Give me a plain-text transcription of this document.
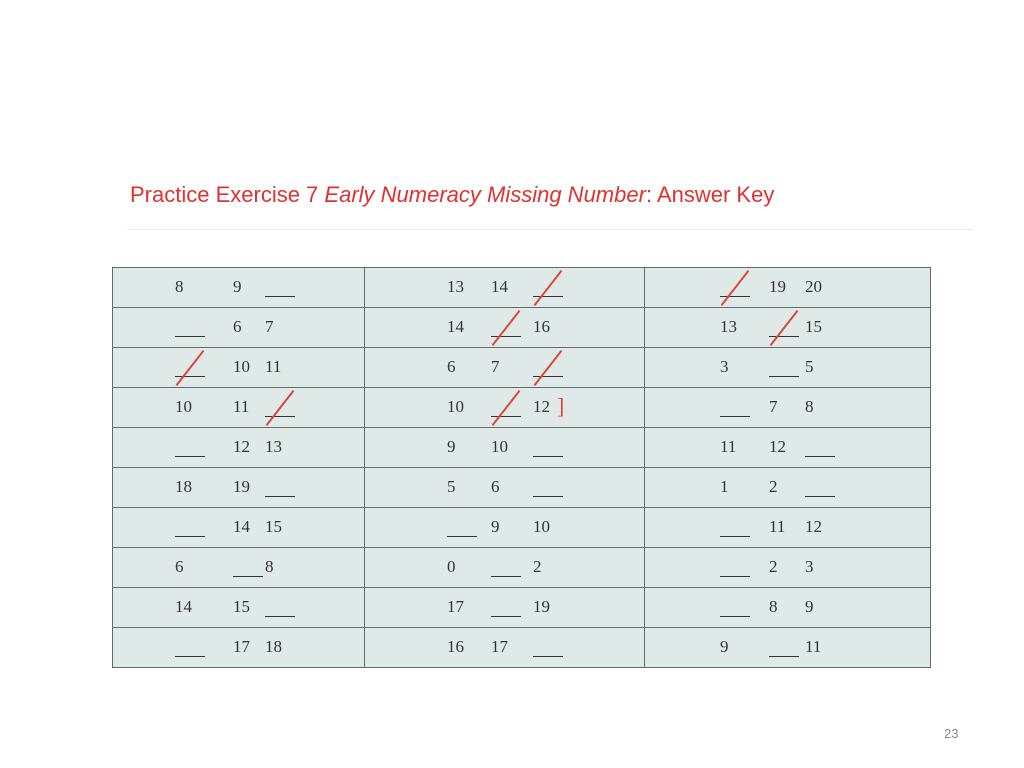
Practice Exercise 7 Early Numeracy Missing Number: Answer Key
8 9	13 14	19 20

6 7	14 16	13 15

10 11	6 7	3 5

10 11	10 12 ]	7 8

12 13	9 10	11 12

18 19	5 6	1 2

14 15	9 10	11 12

6 8	0 2	2 3

14 15	17 19	8 9

17 18	16 17	9 11
23
